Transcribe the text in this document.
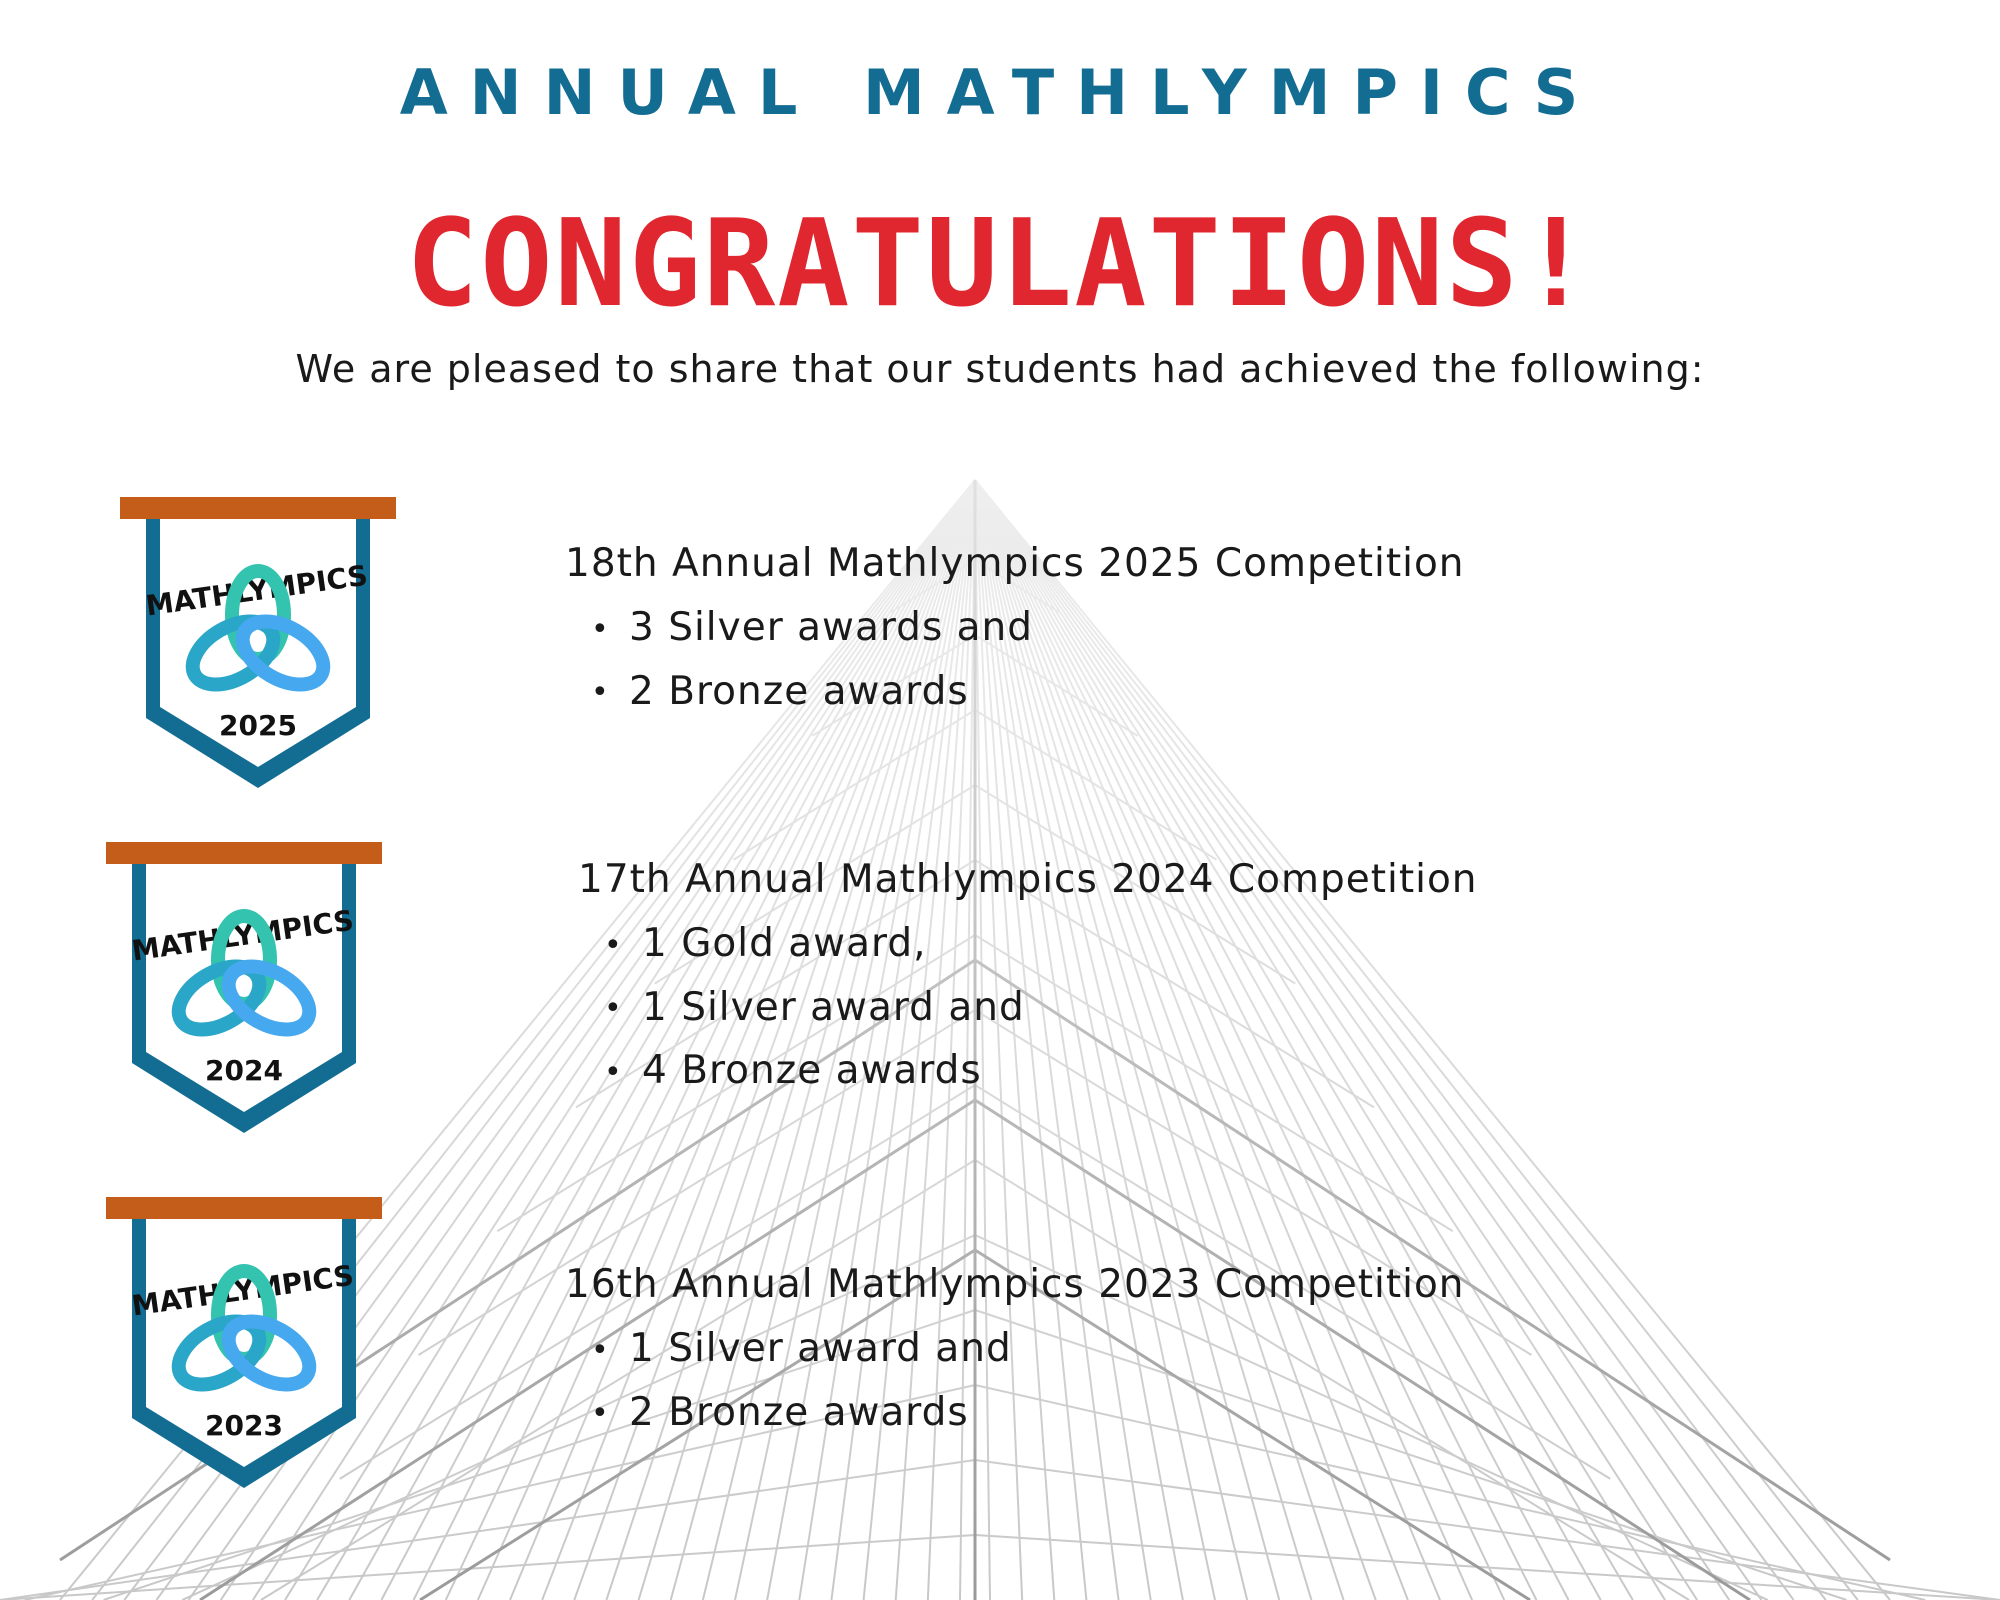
ANNUAL MATHLYMPICS
CONGRATULATIONS!
We are pleased to share that our students had achieved the following:
MATHLYMPICS
2025
MATHLYMPICS
2024
MATHLYMPICS
2023
18th Annual Mathlympics 2025 Competition
• 3 Silver awards and
• 2 Bronze awards
17th Annual Mathlympics 2024 Competition
• 1 Gold award,
• 1 Silver award and
• 4 Bronze awards
16th Annual Mathlympics 2023 Competition
• 1 Silver award and
• 2 Bronze awards
